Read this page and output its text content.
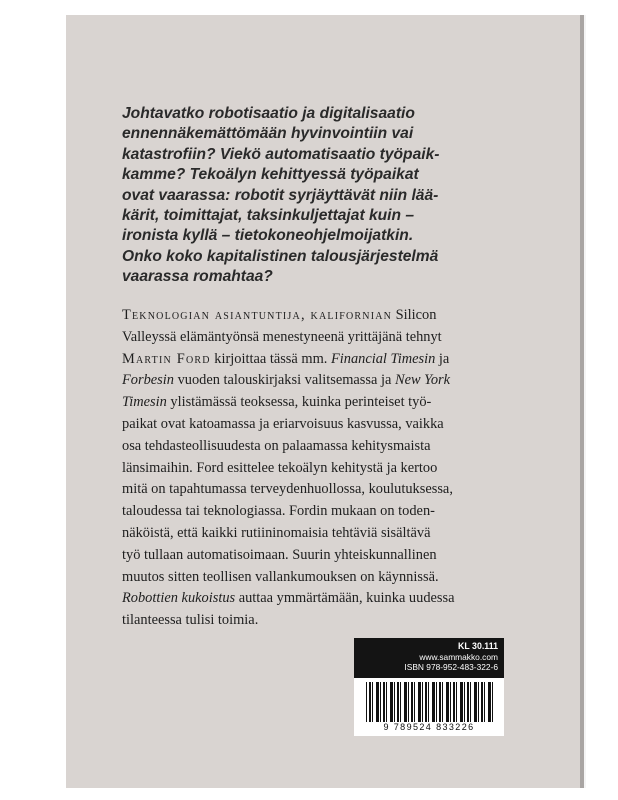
Johtavatko robotisaatio ja digitalisaatio
ennennäkemättömään hyvinvointiin vai
katastrofiin? Viekö automatisaatio työpaik-
kamme? Tekoälyn kehittyessä työpaikat
ovat vaarassa: robotit syrjäyttävät niin lää-
kärit, toimittajat, taksinkuljettajat kuin –
ironista kyllä – tietokoneohjelmoijatkin.
Onko koko kapitalistinen talousjärjestelmä
vaarassa romahtaa?
Teknologian asiantuntija, kalifornian Silicon
Valleyssä elämäntyönsä menestyneenä yrittäjänä tehnyt
Martin Ford kirjoittaa tässä mm. Financial Timesin ja
Forbesin vuoden talouskirjaksi valitsemassa ja New York
Timesin ylistämässä teoksessa, kuinka perinteiset työ-
paikat ovat katoamassa ja eriarvoisuus kasvussa, vaikka
osa tehdasteollisuudesta on palaamassa kehitysmaista
länsimaihin. Ford esittelee tekoälyn kehitystä ja kertoo
mitä on tapahtumassa terveydenhuollossa, koulutuksessa,
taloudessa tai teknologiassa. Fordin mukaan on toden-
näköistä, että kaikki rutiininomaisia tehtäviä sisältävä
työ tullaan automatisoimaan. Suurin yhteiskunnallinen
muutos sitten teollisen vallankumouksen on käynnissä.
Robottien kukoistus auttaa ymmärtämään, kuinka uudessa
tilanteessa tulisi toimia.
KL 30.111
www.sammakko.com
ISBN 978-952-483-322-6
9 789524 833226
